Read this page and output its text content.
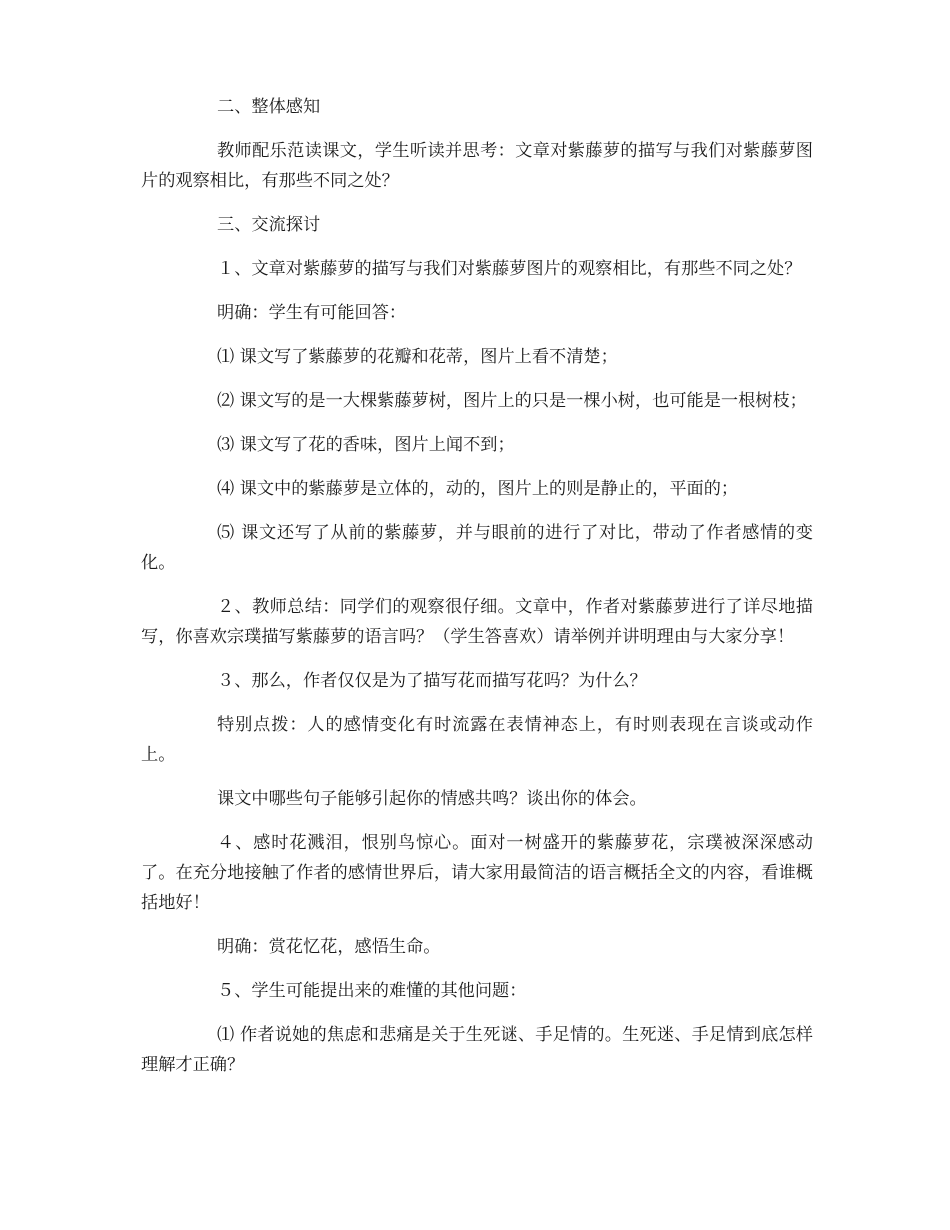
二、整体感知

教师配乐范读课文，学生听读并思考：文章对紫藤萝的描写与我们对紫藤萝图片的观察相比，有那些不同之处？

三、交流探讨

１、文章对紫藤萝的描写与我们对紫藤萝图片的观察相比，有那些不同之处？

明确：学生有可能回答：

⑴ 课文写了紫藤萝的花瓣和花蒂，图片上看不清楚；

⑵ 课文写的是一大棵紫藤萝树，图片上的只是一棵小树，也可能是一根树枝；

⑶ 课文写了花的香味，图片上闻不到；

⑷ 课文中的紫藤萝是立体的，动的，图片上的则是静止的，平面的；

⑸ 课文还写了从前的紫藤萝，并与眼前的进行了对比，带动了作者感情的变化。

２、教师总结：同学们的观察很仔细。文章中，作者对紫藤萝进行了详尽地描写，你喜欢宗璞描写紫藤萝的语言吗？（学生答喜欢）请举例并讲明理由与大家分享！

３、那么，作者仅仅是为了描写花而描写花吗？为什么？

特别点拨：人的感情变化有时流露在表情神态上，有时则表现在言谈或动作上。

课文中哪些句子能够引起你的情感共鸣？谈出你的体会。

４、感时花溅泪，恨别鸟惊心。面对一树盛开的紫藤萝花，宗璞被深深感动了。在充分地接触了作者的感情世界后，请大家用最简洁的语言概括全文的内容，看谁概括地好！

明确：赏花忆花，感悟生命。

５、学生可能提出来的难懂的其他问题：

⑴ 作者说她的焦虑和悲痛是关于生死谜、手足情的。生死迷、手足情到底怎样理解才正确？
